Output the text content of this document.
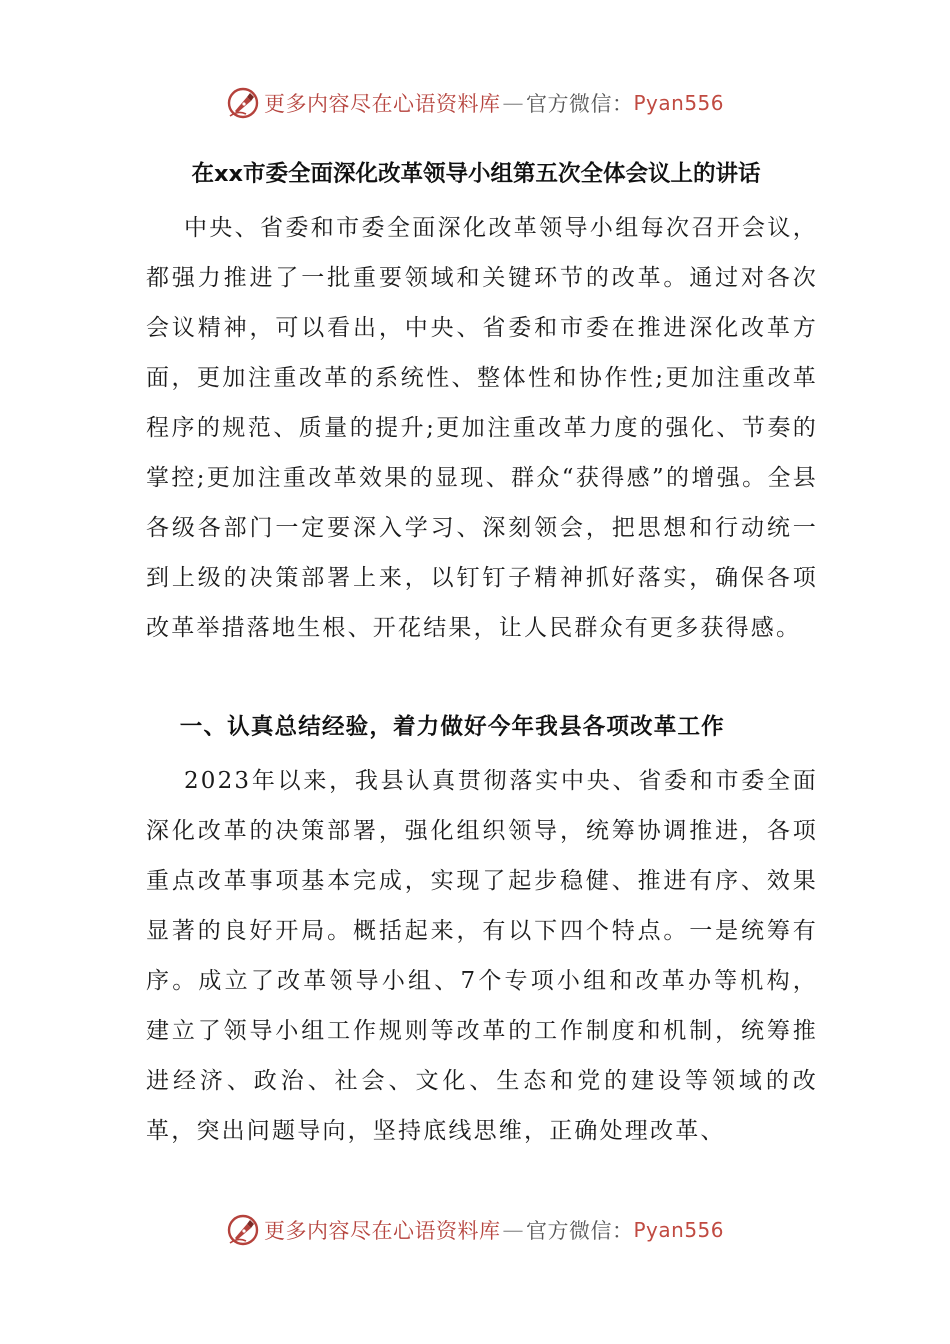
更多内容尽在心语资料库 — 官方微信： Pyan556
在xx市委全面深化改革领导小组第五次全体会议上的讲话

中央、省委和市委全面深化改革领导小组每次召开会议，都强力推进了一批重要领域和关键环节的改革。通过对各次会议精神，可以看出，中央、省委和市委在推进深化改革方面，更加注重改革的系统性、整体性和协作性;更加注重改革程序的规范、质量的提升;更加注重改革力度的强化、节奏的掌控;更加注重改革效果的显现、群众“获得感”的增强。全县各级各部门一定要深入学习、深刻领会，把思想和行动统一到上级的决策部署上来，以钉钉子精神抓好落实，确保各项改革举措落地生根、开花结果，让人民群众有更多获得感。

一、认真总结经验，着力做好今年我县各项改革工作

2023年以来，我县认真贯彻落实中央、省委和市委全面深化改革的决策部署，强化组织领导，统筹协调推进，各项重点改革事项基本完成，实现了起步稳健、推进有序、效果显著的良好开局。概括起来，有以下四个特点。一是统筹有序。成立了改革领导小组、7个专项小组和改革办等机构，建立了领导小组工作规则等改革的工作制度和机制，统筹推进经济、政治、社会、文化、生态和党的建设等领域的改革，突出问题导向，坚持底线思维，正确处理改革、

更多内容尽在心语资料库 — 官方微信： Pyan556
